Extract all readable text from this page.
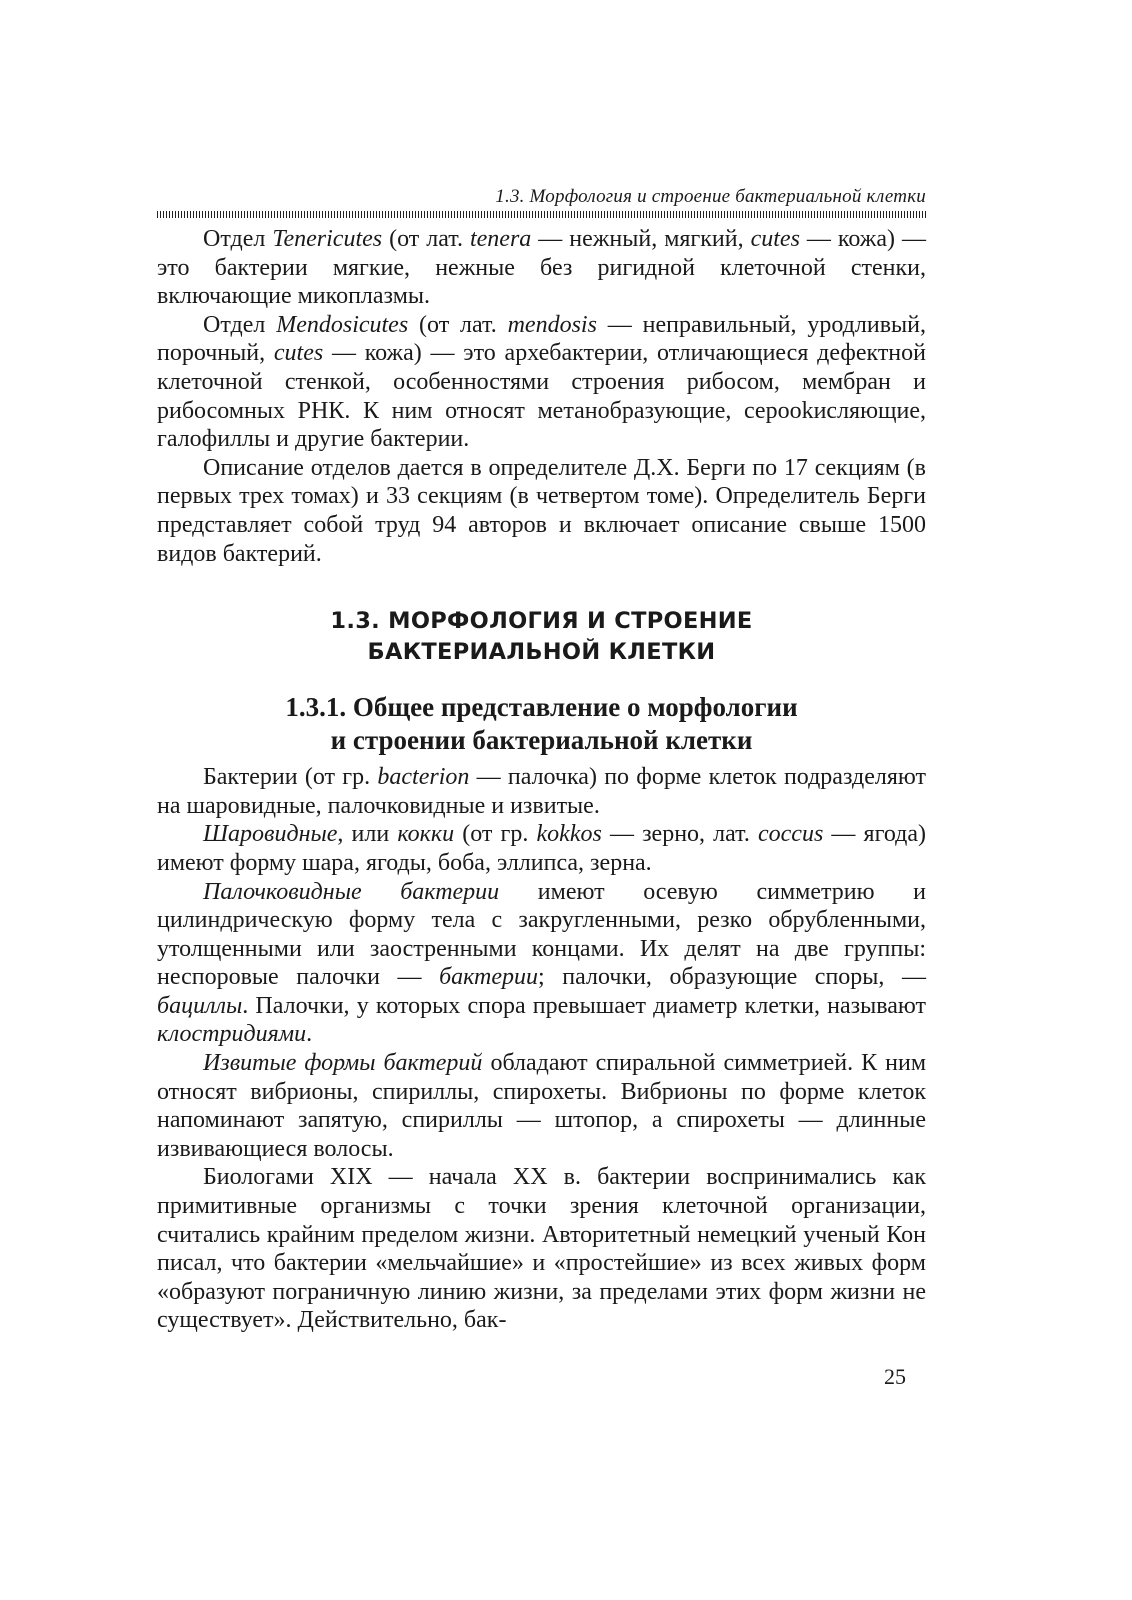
1.3. Морфология и строение бактериальной клетки

Отдел Tenericutes (от лат. tenera — нежный, мягкий, cutes — кожа) — это бактерии мягкие, нежные без ригидной клеточной стенки, включающие микоплазмы.

Отдел Mendosicutes (от лат. mendosis — неправильный, уродливый, порочный, cutes — кожа) — это архебактерии, отличающиеся дефектной клеточной стенкой, особенностями строения рибосом, мембран и рибосомных РНК. К ним относят метанобразующие, серookисляющие, галофиллы и другие бактерии.

Описание отделов дается в определителе Д.Х. Берги по 17 секциям (в первых трех томах) и 33 секциям (в четвертом томе). Определитель Берги представляет собой труд 94 авторов и включает описание свыше 1500 видов бактерий.

1.3. МОРФОЛОГИЯ И СТРОЕНИЕ
БАКТЕРИАЛЬНОЙ КЛЕТКИ
1.3.1. Общее представление о морфологии
и строении бактериальной клетки

Бактерии (от гр. bacterion — палочка) по форме клеток подразделяют на шаровидные, палочковидные и извитые.

Шаровидные, или кокки (от гр. kokkos — зерно, лат. coccus — ягода) имеют форму шара, ягоды, боба, эллипса, зерна.

Палочковидные бактерии имеют осевую симметрию и цилиндрическую форму тела с закругленными, резко обрубленными, утолщенными или заостренными концами. Их делят на две группы: неспоровые палочки — бактерии; палочки, образующие споры, — бациллы. Палочки, у которых спора превышает диаметр клетки, называют клостридиями.

Извитые формы бактерий обладают спиральной симметрией. К ним относят вибрионы, спириллы, спирохеты. Вибрионы по форме клеток напоминают запятую, спириллы — штопор, а спирохеты — длинные извивающиеся волосы.

Биологами XIX — начала XX в. бактерии воспринимались как примитивные организмы с точки зрения клеточной организации, считались крайним пределом жизни. Авторитетный немецкий ученый Кон писал, что бактерии «мельчайшие» и «простейшие» из всех живых форм «образуют пограничную линию жизни, за пределами этих форм жизни не существует». Действительно, бак-

25
